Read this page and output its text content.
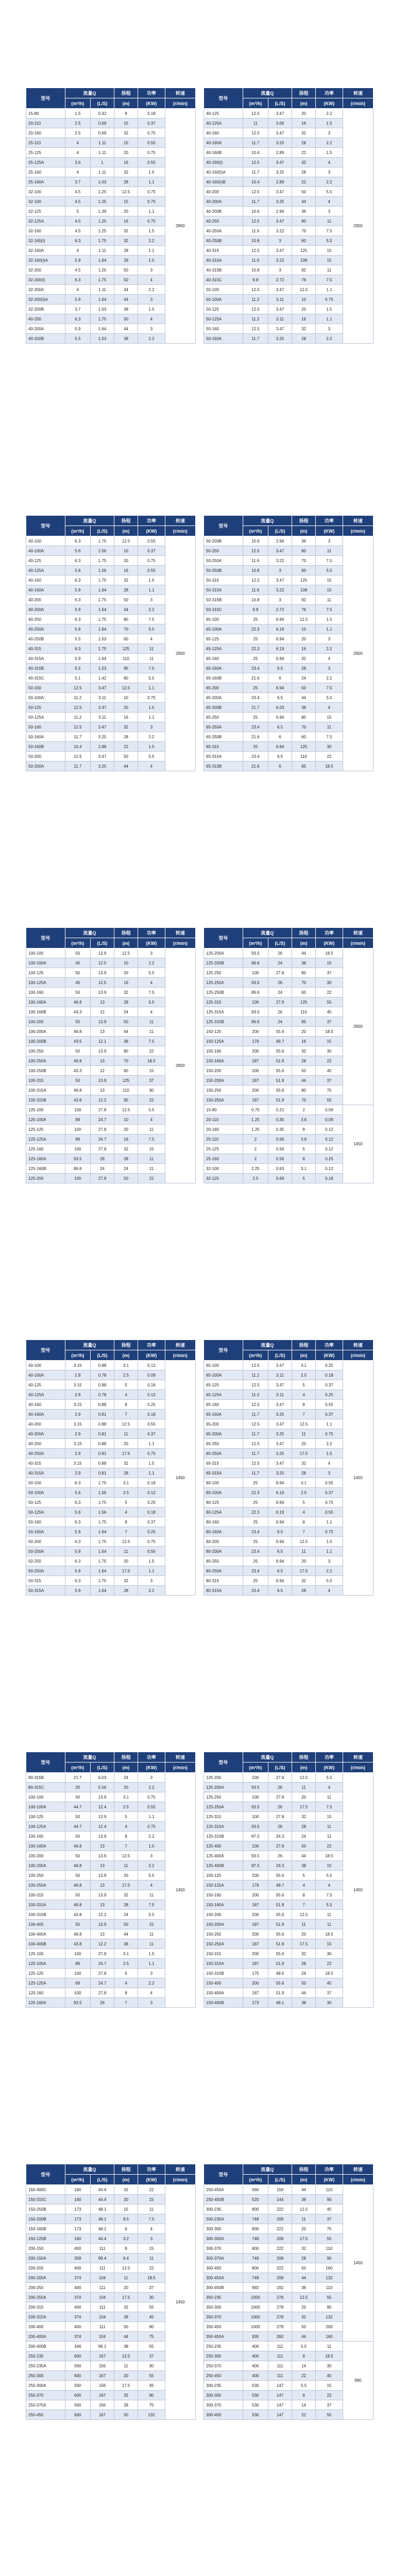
型号	流量Q		扬程	功率	转速
	(m³/h)	(L/S)	(m)	(KW)	(r/min)
15-80	1.5	0.42	8	0.18	2900
20-110	2.5	0.69	15	0.37	
20-160	2.5	0.69	32	0.75	
25-110	4	1.11	15	0.55	
25-125	4	1.11	20	0.75	
25-125A	3.6	1	16	0.55	
25-160	4	1.11	32	1.5	
25-160A	3.7	1.03	28	1.1	
32-100	4.5	1.25	12.5	0.75	
32-100	4.5	1.25	15	0.75	
32-125	5	1.39	20	1.1	
32-125A	4.5	1.25	16	0.75	
32-160	4.5	1.25	32	1.5	
32-160(I)	6.3	1.75	32	2.2	
32-160A	4	1.11	28	1.1	
32-160(I)A	5.9	1.64	28	1.5	
32-200	4.5	1.25	50	3	
32-200(I)	6.3	1.75	50	4	
32-200A	4	1.11	44	2.2	
32-200(I)A	5.9	1.64	44	3	
32-200B	3.7	1.03	38	1.5	
40-200	6.3	1.75	50	4	
40-200A	5.9	1.64	44	3	
40-200B	5.5	1.53	38	2.2	
型号	流量Q		扬程	功率	转速
	(m³/h)	(L/S)	(m)	(KW)	(r/min)
40-125	12.5	3.47	20	2.2	2900
40-125A	11	3.06	16	1.5	
40-160	12.5	3.47	32	3	
40-160A	11.7	3.25	28	2.2	
40-160B	10.4	2.89	22	1.5	
40-160(I)	12.5	3.47	32	4	
40-160(I)A	11.7	3.25	28	3	
40-160(I)B	10.4	2.89	22	2.2	
40-200	12.5	3.47	50	5.5	
40-200A	11.7	3.25	44	4	
40-200B	10.6	2.94	36	3	
40-250	12.5	3.47	80	11	
40-250A	11.6	3.22	70	7.5	
40-250B	10.8	3	60	5.5	
40-315	12.5	3.47	125	15	
40-315A	11.6	3.22	108	15	
40-315B	10.8	3	92	11	
40-315C	9.8	2.72	76	7.5	
50-100	12.5	3.47	12.5	1.1	
50-100A	11.2	3.11	10	0.75	
50-125	12.5	3.47	20	1.5	
50-125A	11.2	3.11	16	1.1	
50-160	12.5	3.47	32	3	
50-160A	11.7	3.25	28	2.2	
型号	流量Q		扬程	功率	转速
	(m³/h)	(L/S)	(m)	(KW)	(r/min)
40-100	6.3	1.75	12.5	0.55	2900
40-100A	5.6	1.56	10	0.37	
40-125	6.3	1.75	20	0.75	
40-125A	5.6	1.56	16	0.55	
40-160	6.3	1.75	32	1.5	
40-160A	5.9	1.64	28	1.1	
40-200	6.3	1.75	50	3	
40-200A	5.9	1.64	44	2.2	
40-250	6.3	1.75	80	7.5	
40-250A	5.9	1.64	70	5.5	
40-250B	5.5	1.53	60	4	
40-315	6.3	1.75	125	11	
40-315A	5.9	1.64	110	11	
40-315B	5.5	1.53	95	7.5	
40-315C	5.1	1.42	80	5.5	
50-100	12.5	3.47	12.5	1.1	
50-100A	11.2	3.11	10	0.75	
50-125	12.5	3.47	20	1.5	
50-125A	11.2	3.11	16	1.1	
50-160	12.5	3.47	32	3	
50-160A	11.7	3.25	28	2.2	
50-160B	10.4	2.89	22	1.5	
50-200	12.5	3.47	50	5.5	
50-200A	11.7	3.25	44	4	
型号	流量Q		扬程	功率	转速
	(m³/h)	(L/S)	(m)	(KW)	(r/min)
50-200B	10.6	2.94	36	3	2900
50-250	12.5	3.47	80	11	
50-250A	11.6	3.22	70	7.5	
50-250B	10.8	3	60	5.5	
50-315	12.5	3.47	125	15	
50-315A	11.6	3.22	108	15	
50-315B	10.8	3	92	11	
50-315C	9.8	2.72	76	7.5	
65-100	25	6.94	12.5	1.5	
65-100A	22.3	6.19	10	1.1	
65-125	25	6.94	20	3	
65-125A	22.3	6.19	16	2.2	
65-160	25	6.94	32	4	
65-160A	23.4	6.5	28	3	
65-160B	21.6	6	24	2.2	
65-200	25	6.94	50	7.5	
65-200A	23.4	6.5	44	5.5	
65-200B	21.7	6.03	38	4	
65-250	25	6.94	80	15	
65-250A	23.4	6.5	70	11	
65-250B	21.6	6	60	7.5	
65-315	25	6.94	125	30	
65-315A	23.4	6.5	110	22	
65-315B	21.6	6	95	18.5	
型号	流量Q		扬程	功率	转速
	(m³/h)	(L/S)	(m)	(KW)	(r/min)
100-100	50	13.9	12.5	3	2900
100-100A	45	12.5	10	2.2	
100-125	50	13.9	20	5.5	
100-125A	45	12.5	16	4	
100-160	50	13.9	32	7.5	
100-160A	46.8	13	28	5.5	
100-160B	43.3	12	24	4	
100-200	50	13.9	50	11	
100-200A	46.8	13	44	11	
100-200B	43.5	12.1	38	7.5	
100-250	50	13.9	80	22	
100-250A	46.8	13	70	18.5	
100-250B	43.3	12	60	15	
100-315	50	13.9	125	37	
100-315A	46.8	13	110	30	
100-315B	43.8	12.2	95	22	
125-100	100	27.8	12.5	5.5	
125-100A	89	24.7	10	4	
125-125	100	27.8	20	11	
125-125A	89	24.7	16	7.5	
125-160	100	27.8	32	15	
125-160A	93.5	26	28	11	
125-160B	86.6	24	24	11	
125-200	100	27.8	50	22	
型号	流量Q		扬程	功率	转速
	(m³/h)	(L/S)	(m)	(KW)	(r/min)
125-200A	93.5	26	44	18.5	2900
125-200B	86.6	24	38	15	
125-250	100	27.8	80	37	
125-250A	93.5	26	70	30	
125-250B	86.6	24	60	22	
125-315	100	27.8	125	55	
125-315A	93.5	26	110	45	
125-315B	86.6	24	95	37	
150-125	200	55.6	20	18.5	
150-125A	179	49.7	16	15	
150-160	200	55.6	32	30	
150-160A	187	51.9	28	22	
150-200	200	55.6	50	45	
150-200A	187	51.9	44	37	
150-250	200	55.6	80	75	
150-250A	187	51.9	70	55	
15-80	0.75	0.21	2	0.09	1450
20-110	1.25	0.35	3.8	0.09	
20-160	1.25	0.35	8	0.12	
25-110	2	0.56	3.8	0.12	
25-125	2	0.56	5	0.12	
25-160	2	0.56	8	0.25	
32-100	2.25	0.63	3.1	0.12	
32-125	2.5	0.69	5	0.18	
型号	流量Q		扬程	功率	转速
	(m³/h)	(L/S)	(m)	(KW)	(r/min)
40-100	3.15	0.88	3.1	0.12	1450
40-100A	2.8	0.78	2.5	0.09	
40-125	3.15	0.88	5	0.18	
40-125A	2.8	0.78	4	0.12	
40-160	3.15	0.88	8	0.25	
40-160A	2.9	0.81	7	0.18	
40-200	3.15	0.88	12.5	0.55	
40-200A	2.9	0.81	11	0.37	
40-250	3.15	0.88	20	1.1	
40-250A	2.9	0.81	17.5	0.75	
40-315	3.15	0.88	32	1.5	
40-315A	2.9	0.81	28	1.1	
50-100	6.3	1.75	3.1	0.18	
50-100A	5.6	1.56	2.5	0.12	
50-125	6.3	1.75	5	0.25	
50-125A	5.6	1.56	4	0.18	
50-160	6.3	1.75	8	0.37	
50-160A	5.9	1.64	7	0.25	
50-200	6.3	1.75	12.5	0.75	
50-200A	5.9	1.64	11	0.55	
50-250	6.3	1.75	20	1.5	
50-250A	5.9	1.64	17.5	1.1	
50-315	6.3	1.75	32	3	
50-315A	5.9	1.64	28	2.2	
型号	流量Q		扬程	功率	转速
	(m³/h)	(L/S)	(m)	(KW)	(r/min)
65-100	12.5	3.47	3.1	0.25	1450
65-100A	11.2	3.11	2.5	0.18	
65-125	12.5	3.47	5	0.37	
65-125A	11.2	3.11	4	0.25	
65-160	12.5	3.47	8	0.55	
65-160A	11.7	3.25	7	0.37	
65-200	12.5	3.47	12.5	1.1	
65-200A	11.7	3.25	11	0.75	
65-250	12.5	3.47	20	2.2	
65-250A	11.7	3.25	17.5	1.5	
65-315	12.5	3.47	32	4	
65-315A	11.7	3.25	28	3	
80-100	25	6.94	3.1	0.55	
80-100A	22.3	6.19	2.5	0.37	
80-125	25	6.94	5	0.75	
80-125A	22.3	6.19	4	0.55	
80-160	25	6.94	8	1.1	
80-160A	23.4	6.5	7	0.75	
80-200	25	6.94	12.5	1.5	
80-200A	23.4	6.5	11	1.1	
80-250	25	6.94	20	3	
80-250A	23.4	6.5	17.5	2.2	
80-315	25	6.94	32	5.5	
80-315A	23.4	6.5	28	4	
型号	流量Q		扬程	功率	转速
	(m³/h)	(L/S)	(m)	(KW)	(r/min)
80-315B	21.7	6.03	24	3	1450
80-315C	20	5.56	20	2.2	
100-100	50	13.9	3.1	0.75	
100-100A	44.7	12.4	2.5	0.55	
100-125	50	13.9	5	1.1	
100-125A	44.7	12.4	4	0.75	
100-160	50	13.9	8	2.2	
100-160A	46.8	13	7	1.5	
100-200	50	13.9	12.5	3	
100-200A	46.8	13	11	2.2	
100-250	50	13.9	20	5.5	
100-250A	46.8	13	17.5	4	
100-315	50	13.9	32	11	
100-315A	46.8	13	28	7.5	
100-315B	43.8	12.2	24	5.5	
100-400	50	13.9	50	15	
100-400A	46.8	13	44	11	
100-400B	43.8	12.2	38	11	
125-100	100	27.8	3.1	1.5	
125-100A	89	24.7	2.5	1.1	
125-125	100	27.8	5	3	
125-125A	89	24.7	4	2.2	
125-160	100	27.8	8	4	
125-160A	93.5	26	7	3	
型号	流量Q		扬程	功率	转速
	(m³/h)	(L/S)	(m)	(KW)	(r/min)
125-200	100	27.8	12.5	5.5	1450
125-200A	93.5	26	11	4	
125-250	100	27.8	20	11	
125-250A	93.5	26	17.5	7.5	
125-315	100	27.8	32	15	
125-315A	93.5	26	28	11	
125-315B	87.5	24.3	24	11	
125-400	100	27.8	50	22	
125-400A	93.5	26	44	18.5	
125-400B	87.5	24.3	38	15	
150-125	200	55.6	5	5.5	
150-125A	179	49.7	4	4	
150-160	200	55.6	8	7.5	
150-160A	187	51.9	7	5.5	
150-200	200	55.6	12.5	11	
150-200A	187	51.9	11	11	
150-250	200	55.6	20	18.5	
150-250A	187	51.9	17.5	15	
150-315	200	55.6	32	30	
150-315A	187	51.9	28	22	
150-315B	175	48.6	24	18.5	
150-400	200	55.6	50	45	
150-400A	187	51.9	44	37	
150-400B	173	48.1	38	30	
型号	流量Q		扬程	功率	转速
	(m³/h)	(L/S)	(m)	(KW)	(r/min)
150-400C	160	44.4	32	22	1450
150-315C	160	44.4	20	15	
150-250B	173	48.1	15	11	
150-200B	173	48.1	9.5	7.5	
150-160B	173	48.1	6	4	
150-125B	160	44.4	3.2	3	
200-150	400	111	8	15	
200-150A	358	99.4	6.4	11	
200-200	400	111	12.5	22	
200-200A	374	104	11	18.5	
200-250	400	111	20	37	
200-250A	374	104	17.5	30	
200-315	400	111	32	55	
200-315A	374	104	28	45	
200-400	400	111	50	90	
200-400A	374	104	44	75	
200-400B	346	96.1	38	55	
250-235	600	167	12.5	37	
250-235A	560	156	11	30	
250-300	600	167	20	55	
250-300A	560	156	17.5	45	
250-370	600	167	32	90	
250-370A	560	156	28	75	
250-450	600	167	50	132	
型号	流量Q		扬程	功率	转速
	(m³/h)	(L/S)	(m)	(KW)	(r/min)
250-450A	560	156	44	110	1450
250-450B	520	144	38	90	
300-235	800	222	12.5	45	
300-235A	748	208	11	37	
300-300	800	222	20	75	
300-300A	748	208	17.5	55	
300-370	800	222	32	110	
300-370A	748	208	28	90	
300-450	800	222	50	160	
300-450A	748	208	44	132	
300-450B	692	192	38	110	
350-235	1000	278	12.5	55	
350-300	1000	278	20	90	
350-370	1000	278	32	132	
350-450	1000	278	50	200	
350-450A	935	260	44	160	
250-235	400	111	5.5	11	980
250-300	400	111	9	18.5	
250-370	400	111	14	30	
250-450	400	111	22	45	
300-235	530	147	5.5	15	
300-300	530	147	9	22	
300-370	530	147	14	37	
300-450	530	147	22	55	
